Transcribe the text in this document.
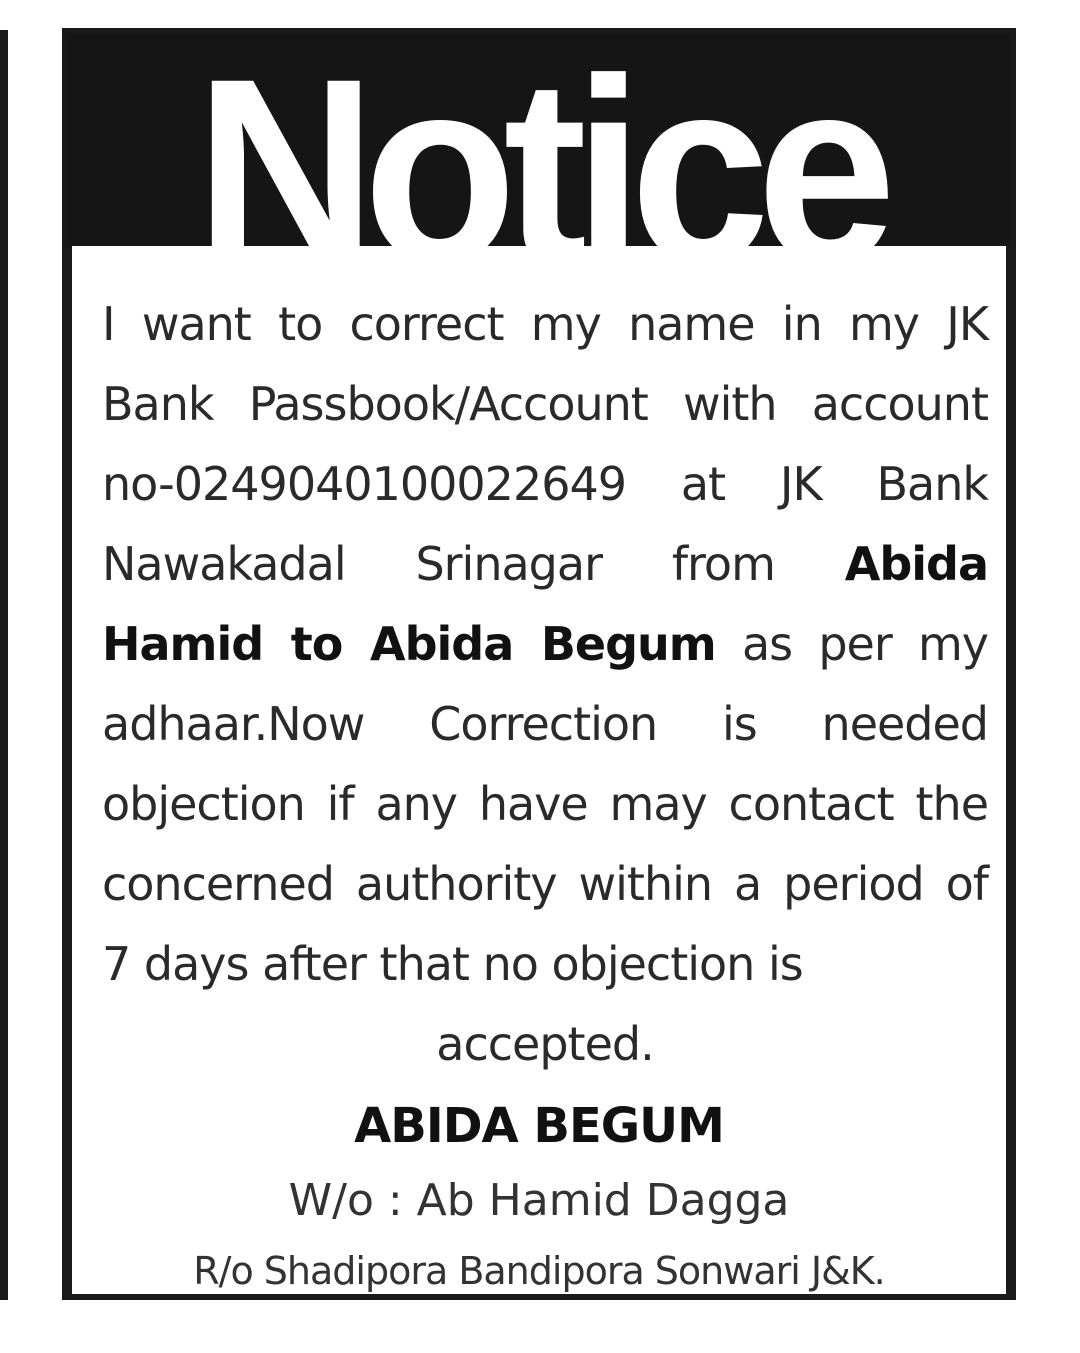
Notice
I want to correct my name in my JK Bank Passbook/Account with account no-0249040100022649 at JK Bank Nawakadal Srinagar from Abida Hamid to Abida Begum as per my adhaar.Now Correction is needed objection if any have may contact the concerned authority within a period of 7 days after that no objection is
accepted.
ABIDA BEGUM
W/o : Ab Hamid Dagga
R/o Shadipora Bandipora Sonwari J&K.
